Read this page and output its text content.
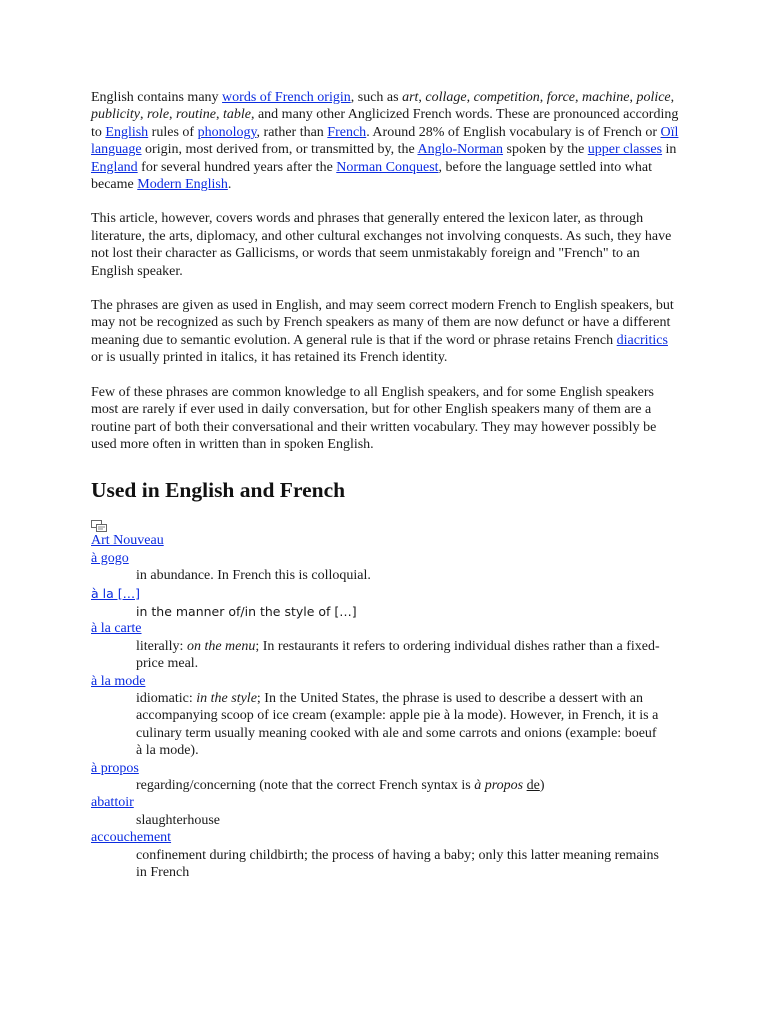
English contains many words of French origin, such as art, collage, competition, force, machine, police, publicity, role, routine, table, and many other Anglicized French words. These are pronounced according to English rules of phonology, rather than French. Around 28% of English vocabulary is of French or Oïl language origin, most derived from, or transmitted by, the Anglo-Norman spoken by the upper classes in England for several hundred years after the Norman Conquest, before the language settled into what became Modern English.

This article, however, covers words and phrases that generally entered the lexicon later, as through literature, the arts, diplomacy, and other cultural exchanges not involving conquests. As such, they have not lost their character as Gallicisms, or words that seem unmistakably foreign and "French" to an English speaker.

The phrases are given as used in English, and may seem correct modern French to English speakers, but may not be recognized as such by French speakers as many of them are now defunct or have a different meaning due to semantic evolution. A general rule is that if the word or phrase retains French diacritics or is usually printed in italics, it has retained its French identity.

Few of these phrases are common knowledge to all English speakers, and for some English speakers most are rarely if ever used in daily conversation, but for other English speakers many of them are a routine part of both their conversational and their written vocabulary. They may however possibly be used more often in written than in spoken English.

Used in English and French
Art Nouveau
à gogo
in abundance. In French this is colloquial.
à la […]
in the manner of/in the style of […]
à la carte
literally: on the menu; In restaurants it refers to ordering individual dishes rather than a fixed-price meal.
à la mode
idiomatic: in the style; In the United States, the phrase is used to describe a dessert with an accompanying scoop of ice cream (example: apple pie à la mode). However, in French, it is a culinary term usually meaning cooked with ale and some carrots and onions (example: boeuf à la mode).
à propos
regarding/concerning (note that the correct French syntax is à propos de)
abattoir
slaughterhouse
accouchement
confinement during childbirth; the process of having a baby; only this latter meaning remains in French
